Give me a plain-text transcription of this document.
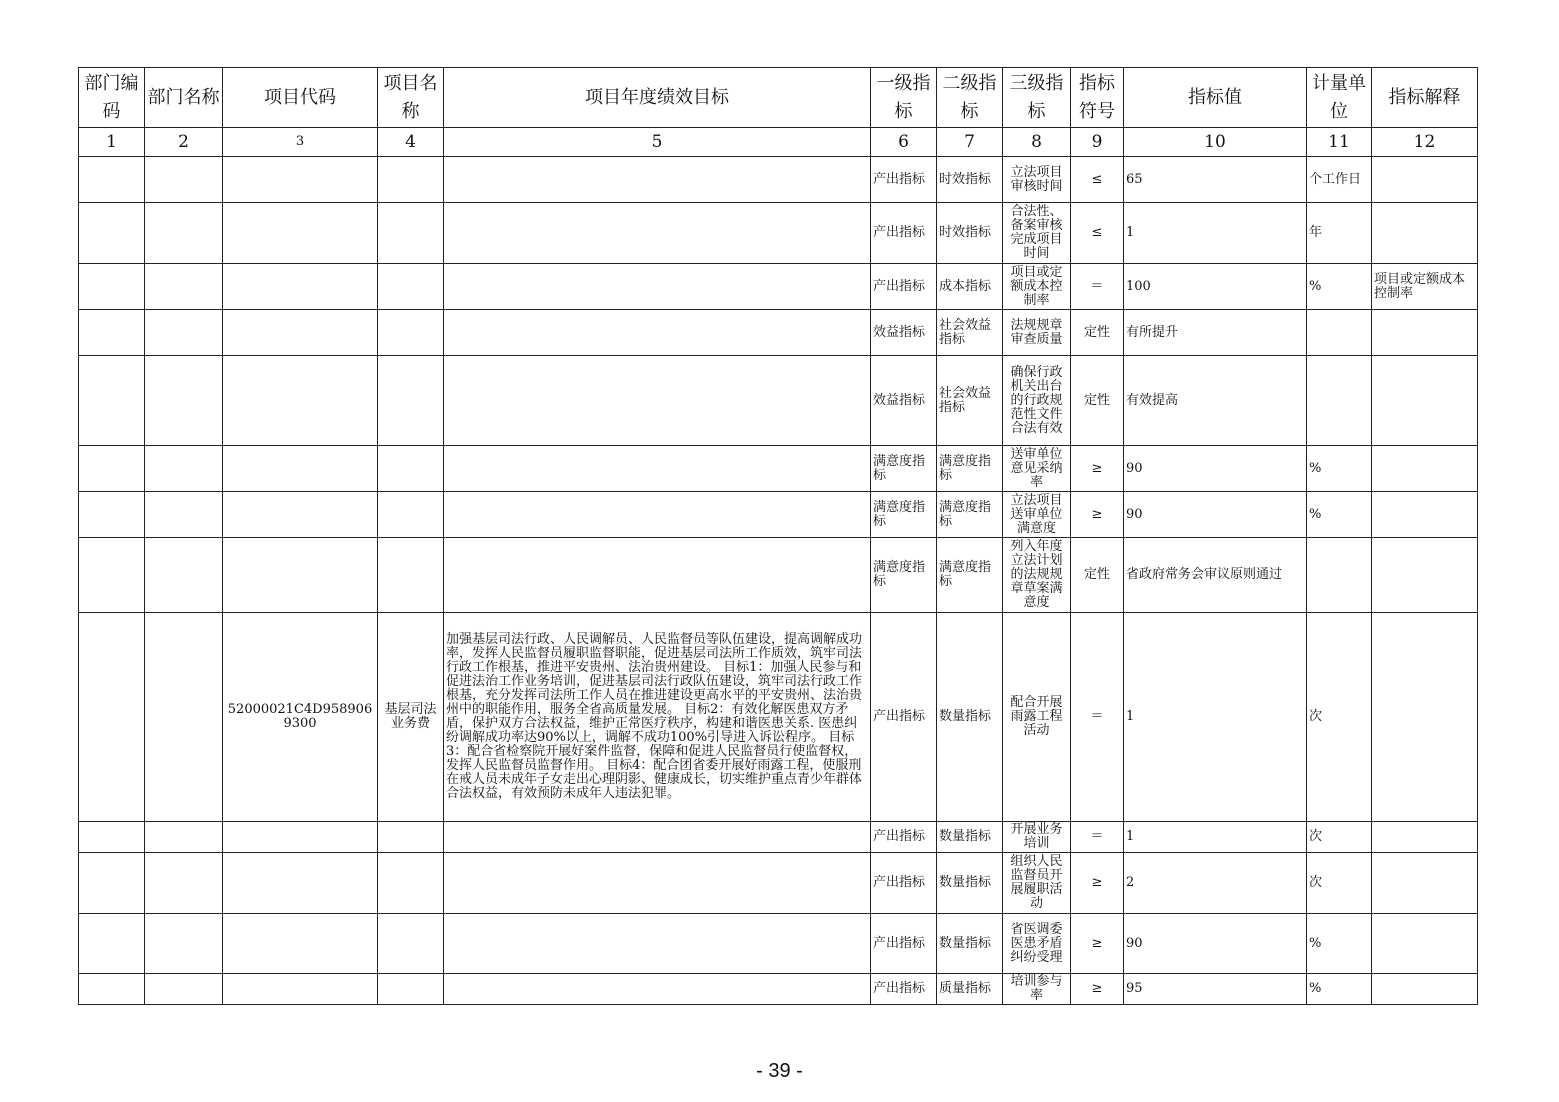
部门编码	部门名称	项目代码	项目名称	项目年度绩效目标	一级指标	二级指标	三级指标	指标符号	指标值	计量单位	指标解释
1	2	3	4	5	6	7	8	9	10	11	12
					产出指标	时效指标	立法项目审核时间	≤	65	个工作日	
					产出指标	时效指标	合法性、备案审核完成项目时间	≤	1	年	
					产出指标	成本指标	项目或定额成本控制率	＝	100	%	项目或定额成本控制率
					效益指标	社会效益指标	法规规章审查质量	定性	有所提升		
					效益指标	社会效益指标	确保行政机关出台的行政规范性文件合法有效	定性	有效提高		
					满意度指标	满意度指标	送审单位意见采纳率	≥	90	%	
					满意度指标	满意度指标	立法项目送审单位满意度	≥	90	%	
					满意度指标	满意度指标	列入年度立法计划的法规规章草案满意度	定性	省政府常务会审议原则通过		
		52000021C4D9589069300	基层司法业务费	加强基层司法行政、人民调解员、人民监督员等队伍建设，提高调解成功率，发挥人民监督员履职监督职能，促进基层司法所工作质效，筑牢司法行政工作根基，推进平安贵州、法治贵州建设。 目标1：加强人民参与和促进法治工作业务培训，促进基层司法行政队伍建设，筑牢司法行政工作根基，充分发挥司法所工作人员在推进建设更高水平的平安贵州、法治贵州中的职能作用，服务全省高质量发展。 目标2：有效化解医患双方矛盾，保护双方合法权益，维护正常医疗秩序，构建和谐医患关系. 医患纠纷调解成功率达90%以上，调解不成功100%引导进入诉讼程序。 目标3：配合省检察院开展好案件监督，保障和促进人民监督员行使监督权，发挥人民监督员监督作用。 目标4：配合团省委开展好雨露工程，使服刑在戒人员未成年子女走出心理阴影、健康成长，切实维护重点青少年群体合法权益，有效预防未成年人违法犯罪。	产出指标	数量指标	配合开展雨露工程活动	＝	1	次	
					产出指标	数量指标	开展业务培训	＝	1	次	
					产出指标	数量指标	组织人民监督员开展履职活动	≥	2	次	
					产出指标	数量指标	省医调委医患矛盾纠纷受理	≥	90	%	
					产出指标	质量指标	培训参与率	≥	95	%	
- 39 -
